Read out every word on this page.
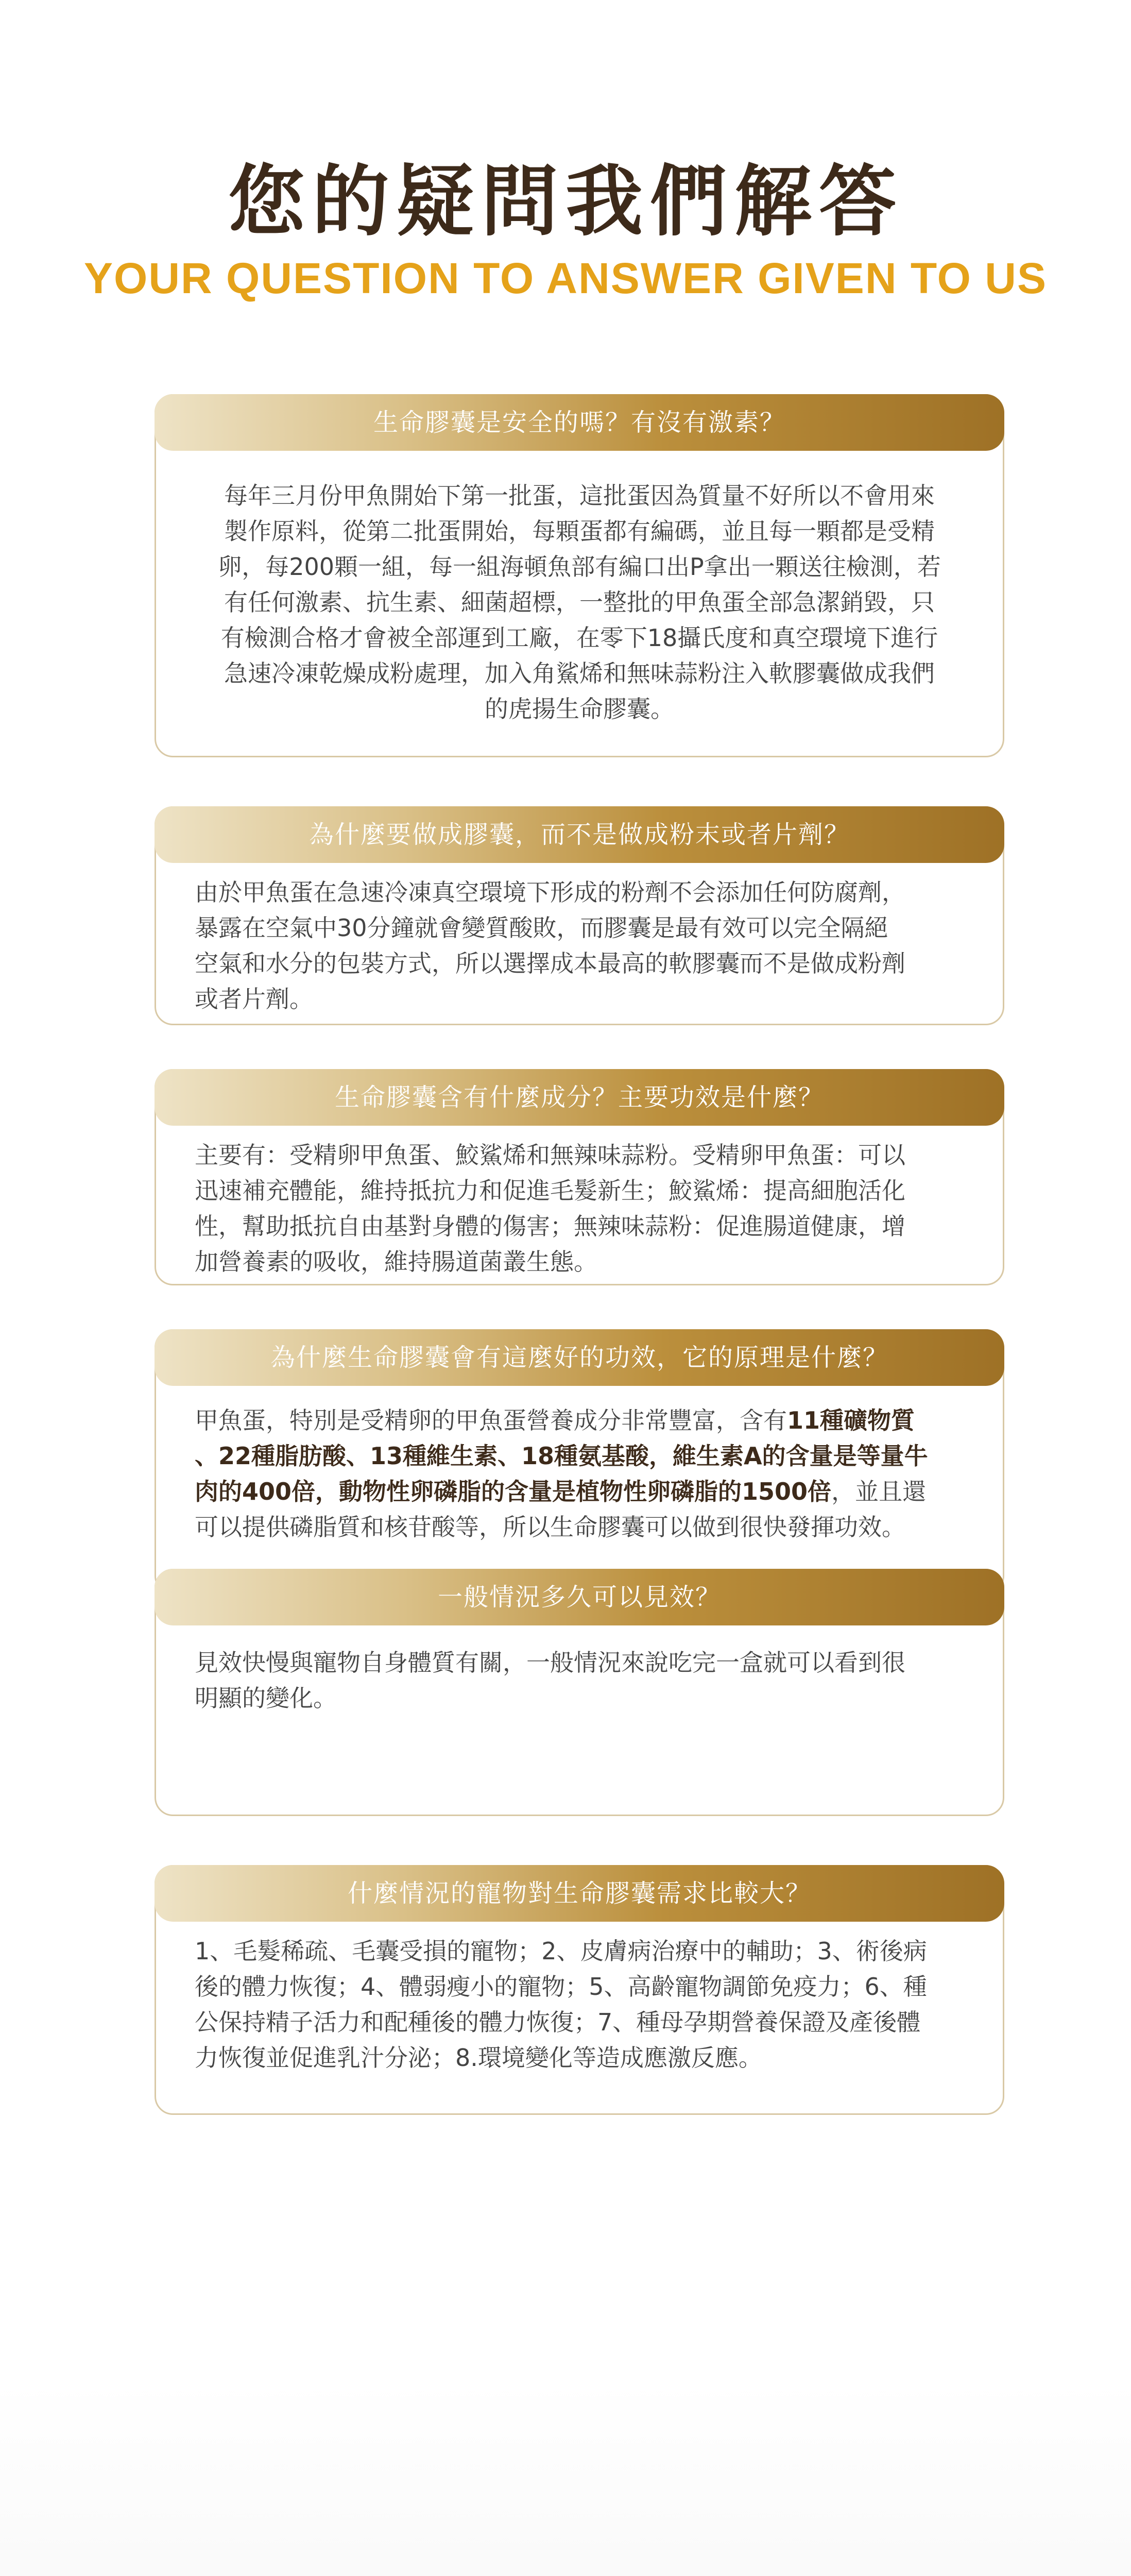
您的疑問我們解答
YOUR QUESTION TO ANSWER GIVEN TO US
生命膠囊是安全的嗎？有沒有激素？
每年三月份甲魚開始下第一批蛋，這批蛋因為質量不好所以不會用來
製作原料，從第二批蛋開始，每顆蛋都有編碼，並且每一顆都是受精
卵，每200顆一組，每一組海頓魚部有編口出P拿出一顆送往檢測，若
有任何激素、抗生素、細菌超標，一整批的甲魚蛋全部急潔銷毀，只
有檢測合格才會被全部運到工廠，在零下18攝氏度和真空環境下進行
急速冷凍乾燥成粉處理，加入角鯊烯和無味蒜粉注入軟膠囊做成我們
的虎揚生命膠囊。
為什麼要做成膠囊，而不是做成粉末或者片劑？
由於甲魚蛋在急速冷凍真空環境下形成的粉劑不会添加任何防腐劑，
暴露在空氣中30分鐘就會變質酸敗，而膠囊是最有效可以完全隔絕
空氣和水分的包裝方式，所以選擇成本最高的軟膠囊而不是做成粉劑
或者片劑。
生命膠囊含有什麼成分？主要功效是什麼？
主要有：受精卵甲魚蛋、鮫鯊烯和無辣味蒜粉。受精卵甲魚蛋：可以
迅速補充體能，維持抵抗力和促進毛髮新生；鮫鯊烯：提高細胞活化
性，幫助抵抗自由基對身體的傷害；無辣味蒜粉：促進腸道健康，增
加營養素的吸收，維持腸道菌叢生態。
為什麼生命膠囊會有這麼好的功效，它的原理是什麼？
甲魚蛋，特別是受精卵的甲魚蛋營養成分非常豐富，含有11種礦物質
、22種脂肪酸、13種維生素、18種氨基酸，維生素A的含量是等量牛
肉的400倍，動物性卵磷脂的含量是植物性卵磷脂的1500倍，並且還
可以提供磷脂質和核苷酸等，所以生命膠囊可以做到很快發揮功效。
一般情況多久可以見效？
見效快慢與寵物自身體質有關，一般情況來說吃完一盒就可以看到很
明顯的變化。
什麼情況的寵物對生命膠囊需求比較大？
1、毛髮稀疏、毛囊受損的寵物；2、皮膚病治療中的輔助；3、術後病
後的體力恢復；4、體弱瘦小的寵物；5、高齡寵物調節免疫力；6、種
公保持精子活力和配種後的體力恢復；7、種母孕期營養保證及產後體
力恢復並促進乳汁分泌；8.環境變化等造成應激反應。
